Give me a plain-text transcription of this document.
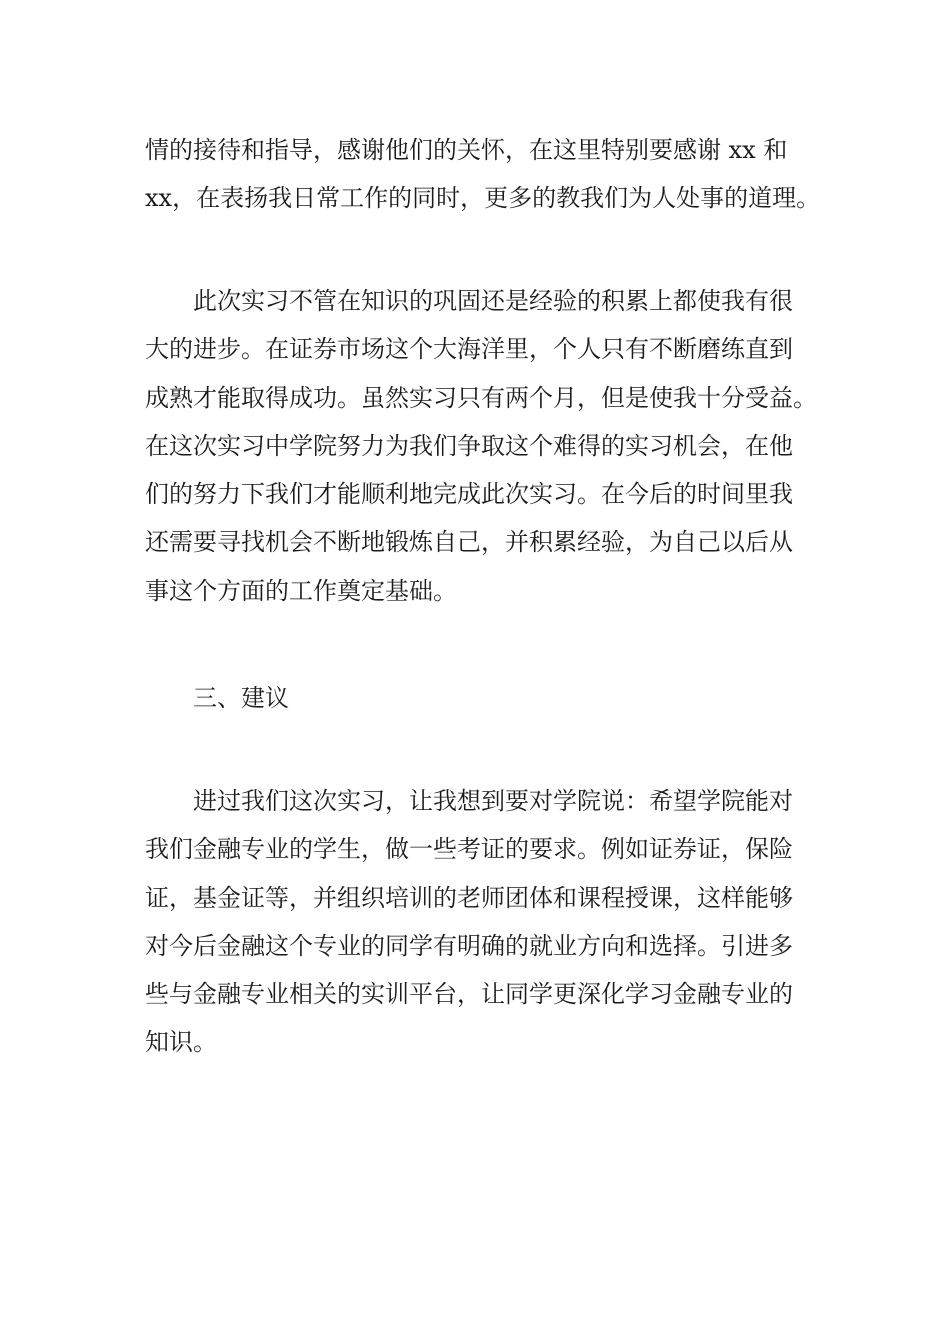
情的接待和指导，感谢他们的关怀，在这里特别要感谢 xx 和
xx，在表扬我日常工作的同时，更多的教我们为人处事的道理。
此次实习不管在知识的巩固还是经验的积累上都使我有很
大的进步。在证券市场这个大海洋里，个人只有不断磨练直到
成熟才能取得成功。虽然实习只有两个月，但是使我十分受益。
在这次实习中学院努力为我们争取这个难得的实习机会，在他
们的努力下我们才能顺利地完成此次实习。在今后的时间里我
还需要寻找机会不断地锻炼自己，并积累经验，为自己以后从
事这个方面的工作奠定基础。
三、建议
进过我们这次实习，让我想到要对学院说：希望学院能对
我们金融专业的学生，做一些考证的要求。例如证券证，保险
证，基金证等，并组织培训的老师团体和课程授课，这样能够
对今后金融这个专业的同学有明确的就业方向和选择。引进多
些与金融专业相关的实训平台，让同学更深化学习金融专业的
知识。
